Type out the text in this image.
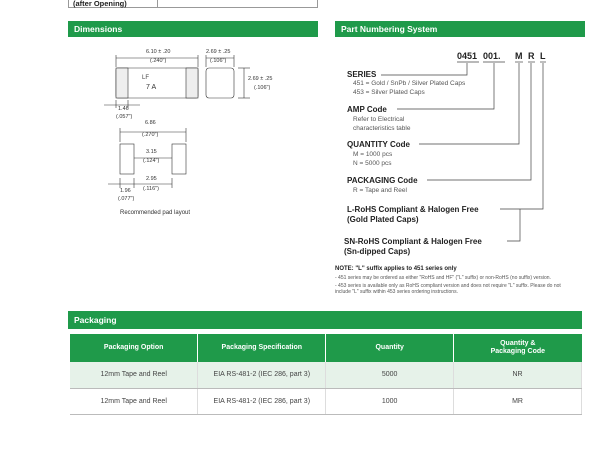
(after Opening)
Dimensions	Part Numbering System
6.10 ± .20
(.240")
LF
7 A
1.46
(.057")
2.69 ± .25
(.106")
2.69 ± .25
(.106")
6.86
(.270")
3.15
(.124")
2.95
(.116")
1.96
(.077")
Recommended pad layout
0451 001. M R L
SERIES
451 = Gold / SnPb / Silver Plated Caps
453 = Silver Plated Caps
AMP Code
Refer to Electrical
characteristics table
QUANTITY Code
M = 1000 pcs
N = 5000 pcs
PACKAGING Code
R = Tape and Reel
L-RoHS Compliant & Halogen Free
(Gold Plated Caps)
SN-RoHS Compliant & Halogen Free
(Sn-dipped Caps)
NOTE: "L" suffix applies to 451 series only
- 451 series may be ordered as either "RoHS and HF" ("L" suffix) or non-RoHS (no suffix) version.
- 453 series is available only as RoHS compliant version and does not require "L" suffix. Please do not
include "L" suffix within 453 series ordering instructions.
Packaging
Packaging Option	Packaging Specification	Quantity	Quantity &
Packaging Code
12mm Tape and Reel	EIA RS-481-2 (IEC 286, part 3)	5000	NR
12mm Tape and Reel	EIA RS-481-2 (IEC 286, part 3)	1000	MR
